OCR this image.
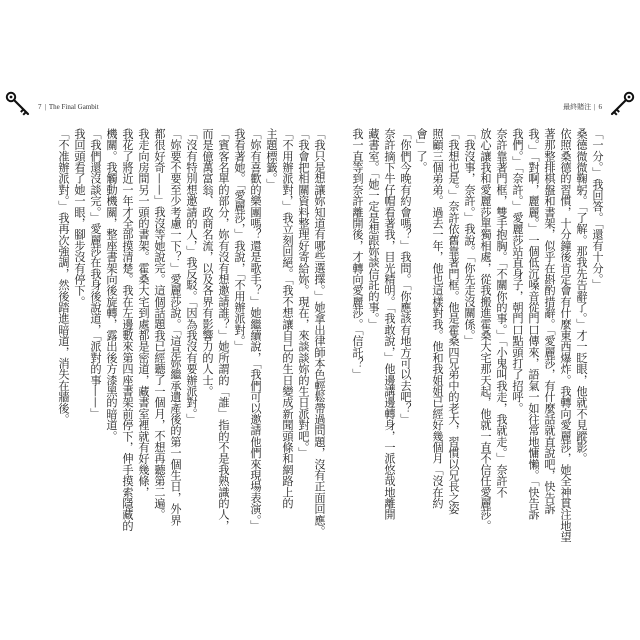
7 | The Final Gambit
「我只是想讓妳知道有哪些選擇。」她拿出律師本色輕鬆帶過問題，沒有正面回應。
「我會把相關資料整理好寄給妳。現在，來談談妳的生日派對吧。」
「不用辦派對，」我立刻回絕。「我不想讓自己的生日變成新聞頭條和網路上的
主題標籤。」
「妳有喜歡的樂團嗎？還是歌手？」她繼續說，「我們可以邀請他們來現場表演。」
我看著她。「愛麗莎，」我說，「不用辦派對。」
「賓客名單的部分，妳有沒有想邀請誰？」她所謂的「誰」指的不是我熟識的人，
而是億萬富翁、政商名流，以及各界有影響力的人士。
「沒有特別想邀請的人，」我反駁。「因為我沒有要辦派對。」
「妳要不要至少考慮一下？」愛麗莎說。「這是妳繼承遺產後的第一個生日，外界
都很好奇——」我沒等她說完。這個話題我已經聽了一個月，不想再聽第二遍。
我走向房間另一頭的書架。霍桑大宅到處都是密道，藏書室裡就有好幾條，
我花了將近一年才全部摸清楚。我在左邊數來第四座書架前停下，伸手摸索隱藏的
機關。我觸動機關，整座書架向後旋轉，露出後方漆黑的暗道。
「我們還沒談完。」愛麗莎在我身後說道，「派對的事——」
我回頭看了她一眼，腳步沒有停下。
「不准辦派對。」我再次強調，然後踏進暗道，消失在牆後。
最終賭注 | 6
「一分。」我回答。「還有十分。」
桑德微微鞠躬。「了解。那我先告辭了。」才一眨眼，他就不見蹤影。
依照桑德的習慣，十分鐘後肯定會有什麼東西爆炸。我轉向愛麗莎，她全神貫注地望
著那整排棋盤和書架，似乎在斟酌措辭。「愛麗莎，有什麼話就直說吧，快告訴
我。」「對啊，麗麗。」一個低沉嗓音從門口傳來，語氣一如往常地慵懶。「快告訴
我們。」「奈許。」愛麗莎站直身子，朝門口點頭打了招呼。
奈許靠著門框，雙手抱胸。「不關你的事。」「小鬼叫我走，我就走。」奈許不
放心讓我和愛麗莎單獨相處，從我搬進霍桑大宅那天起，他就一直不信任愛麗莎。
「我沒事，奈許。」我說。「你先走沒關係。」
「我想也是。」奈許依舊靠著門框。他是霍桑四兄弟中的老大，習慣以兄長之姿
照顧三個弟弟。過去一年，他也這樣對我。他和我姐姐已經好幾個月「沒在約
會」了。
「你們今晚有約會嗎？」我問。「你應該有地方可以去吧？」
奈許摘下牛仔帽看著我，目光精明。「我敢說，」他邊講邊轉身，一派悠哉地離開
藏書室。「她一定是想跟妳談信託的事。」
我一直等到奈許離開後，才轉向愛麗莎。「信託？」
